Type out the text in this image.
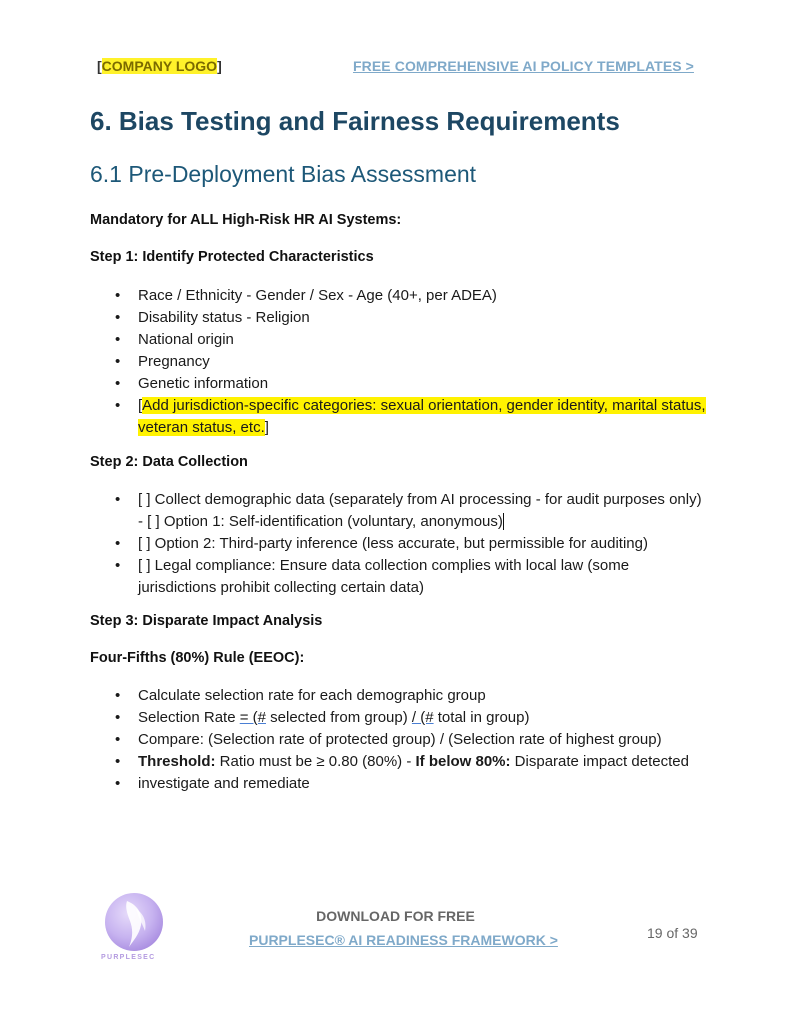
[COMPANY LOGO]	FREE COMPREHENSIVE AI POLICY TEMPLATES >
6. Bias Testing and Fairness Requirements
6.1 Pre-Deployment Bias Assessment
Mandatory for ALL High-Risk HR AI Systems:
Step 1: Identify Protected Characteristics
• Race / Ethnicity - Gender / Sex - Age (40+, per ADEA)
• Disability status - Religion
• National origin
• Pregnancy
• Genetic information
• [Add jurisdiction-specific categories: sexual orientation, gender identity, marital status, veteran status, etc.]
Step 2: Data Collection
• [ ] Collect demographic data (separately from AI processing - for audit purposes only) - [ ] Option 1: Self-identification (voluntary, anonymous)
• [ ] Option 2: Third-party inference (less accurate, but permissible for auditing)
• [ ] Legal compliance: Ensure data collection complies with local law (some jurisdictions prohibit collecting certain data)
Step 3: Disparate Impact Analysis
Four-Fifths (80%) Rule (EEOC):
• Calculate selection rate for each demographic group
• Selection Rate = (# selected from group) / (# total in group)
• Compare: (Selection rate of protected group) / (Selection rate of highest group)
• Threshold: Ratio must be ≥ 0.80 (80%) - If below 80%: Disparate impact detected
• investigate and remediate
PURPLESEC
DOWNLOAD FOR FREE
PURPLESEC® AI READINESS FRAMEWORK >	19 of 39
